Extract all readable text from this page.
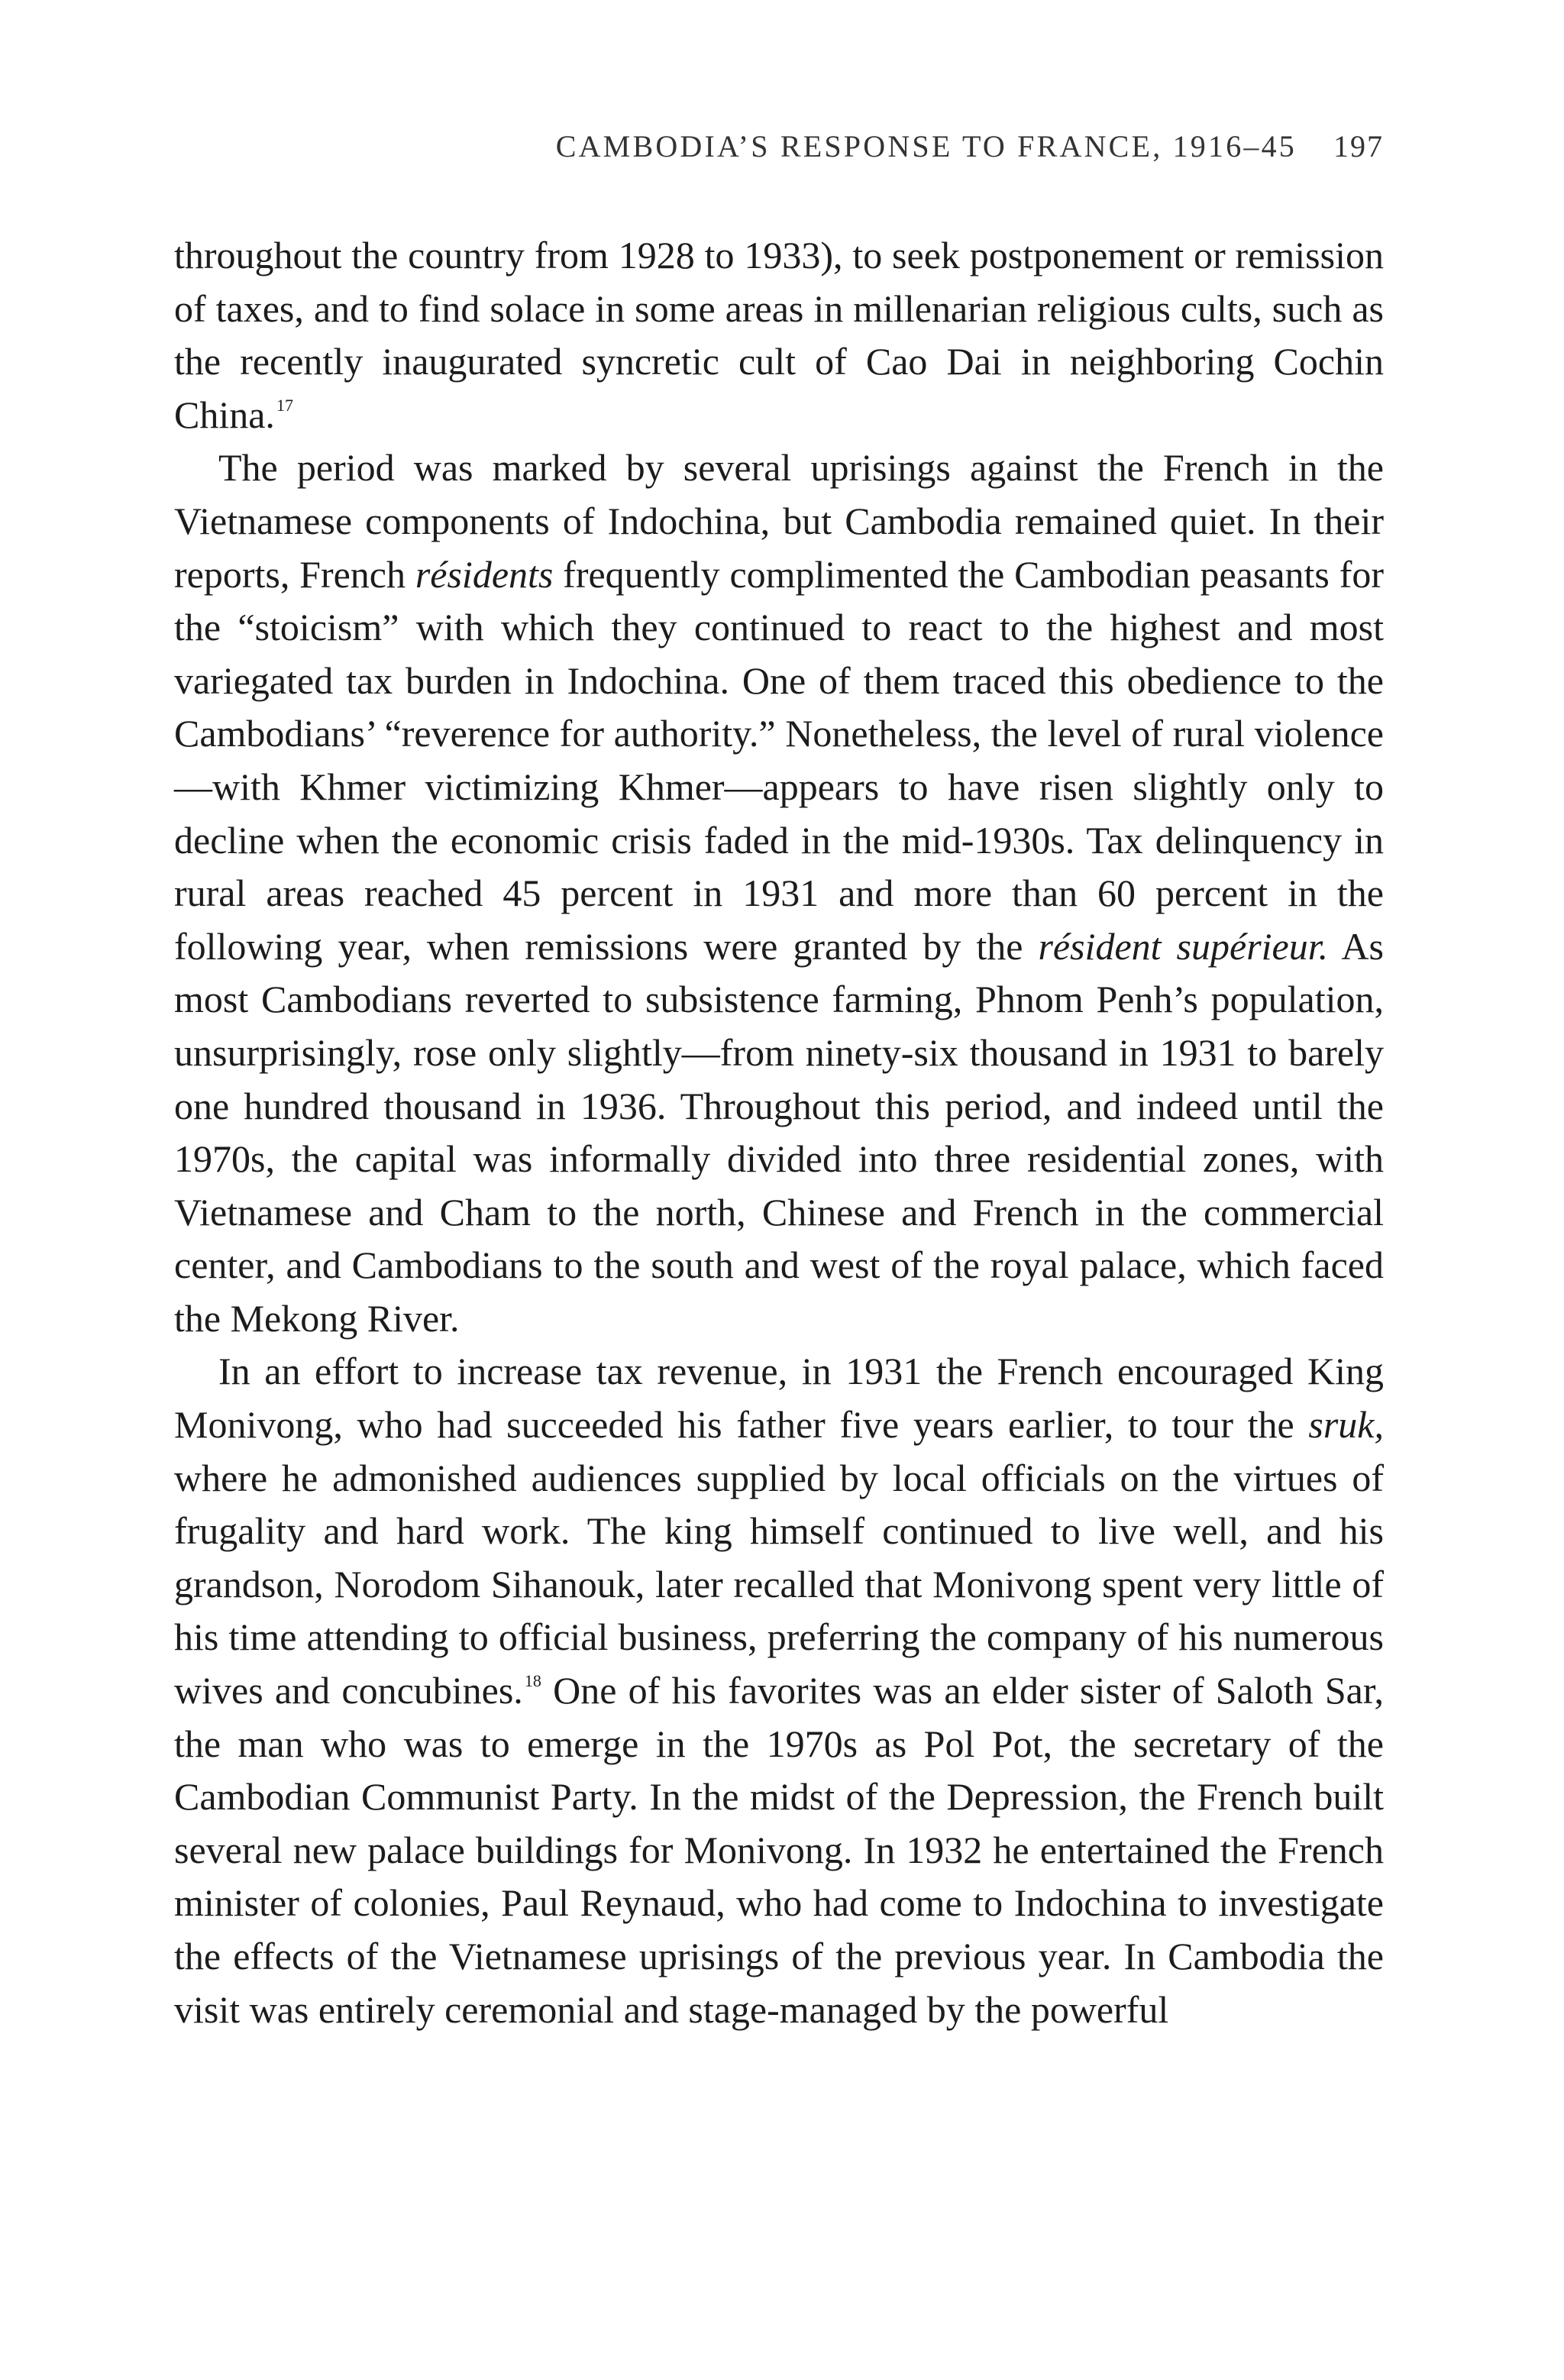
CAMBODIA’S RESPONSE TO FRANCE, 1916–45 197

throughout the country from 1928 to 1933), to seek postponement or remission of taxes, and to find solace in some areas in millenarian religious cults, such as the recently inaugurated syncretic cult of Cao Dai in neighboring Cochin China.$^{17}$

The period was marked by several uprisings against the French in the Vietnamese components of Indochina, but Cambodia remained quiet. In their reports, French résidents frequently complimented the Cambodian peasants for the “stoicism” with which they continued to react to the highest and most variegated tax burden in Indochina. One of them traced this obedience to the Cambodians’ “reverence for authority.” Nonetheless, the level of rural violence—with Khmer victimizing Khmer—appears to have risen slightly only to decline when the economic crisis faded in the mid-1930s. Tax delinquency in rural areas reached 45 percent in 1931 and more than 60 percent in the following year, when remissions were granted by the résident supérieur. As most Cambodians reverted to subsistence farming, Phnom Penh’s population, unsurprisingly, rose only slightly—from ninety-six thousand in 1931 to barely one hundred thousand in 1936. Throughout this period, and indeed until the 1970s, the capital was informally divided into three residential zones, with Vietnamese and Cham to the north, Chinese and French in the commercial center, and Cambodians to the south and west of the royal palace, which faced the Mekong River.

In an effort to increase tax revenue, in 1931 the French encouraged King Monivong, who had succeeded his father five years earlier, to tour the sruk, where he admonished audiences supplied by local officials on the virtues of frugality and hard work. The king himself continued to live well, and his grandson, Norodom Sihanouk, later recalled that Monivong spent very little of his time attending to official business, preferring the company of his numerous wives and concubines.$^{18}$ One of his favorites was an elder sister of Saloth Sar, the man who was to emerge in the 1970s as Pol Pot, the secretary of the Cambodian Communist Party. In the midst of the Depression, the French built several new palace buildings for Monivong. In 1932 he entertained the French minister of colonies, Paul Reynaud, who had come to Indochina to investigate the effects of the Vietnamese uprisings of the previous year. In Cambodia the visit was entirely ceremonial and stage-managed by the powerful
